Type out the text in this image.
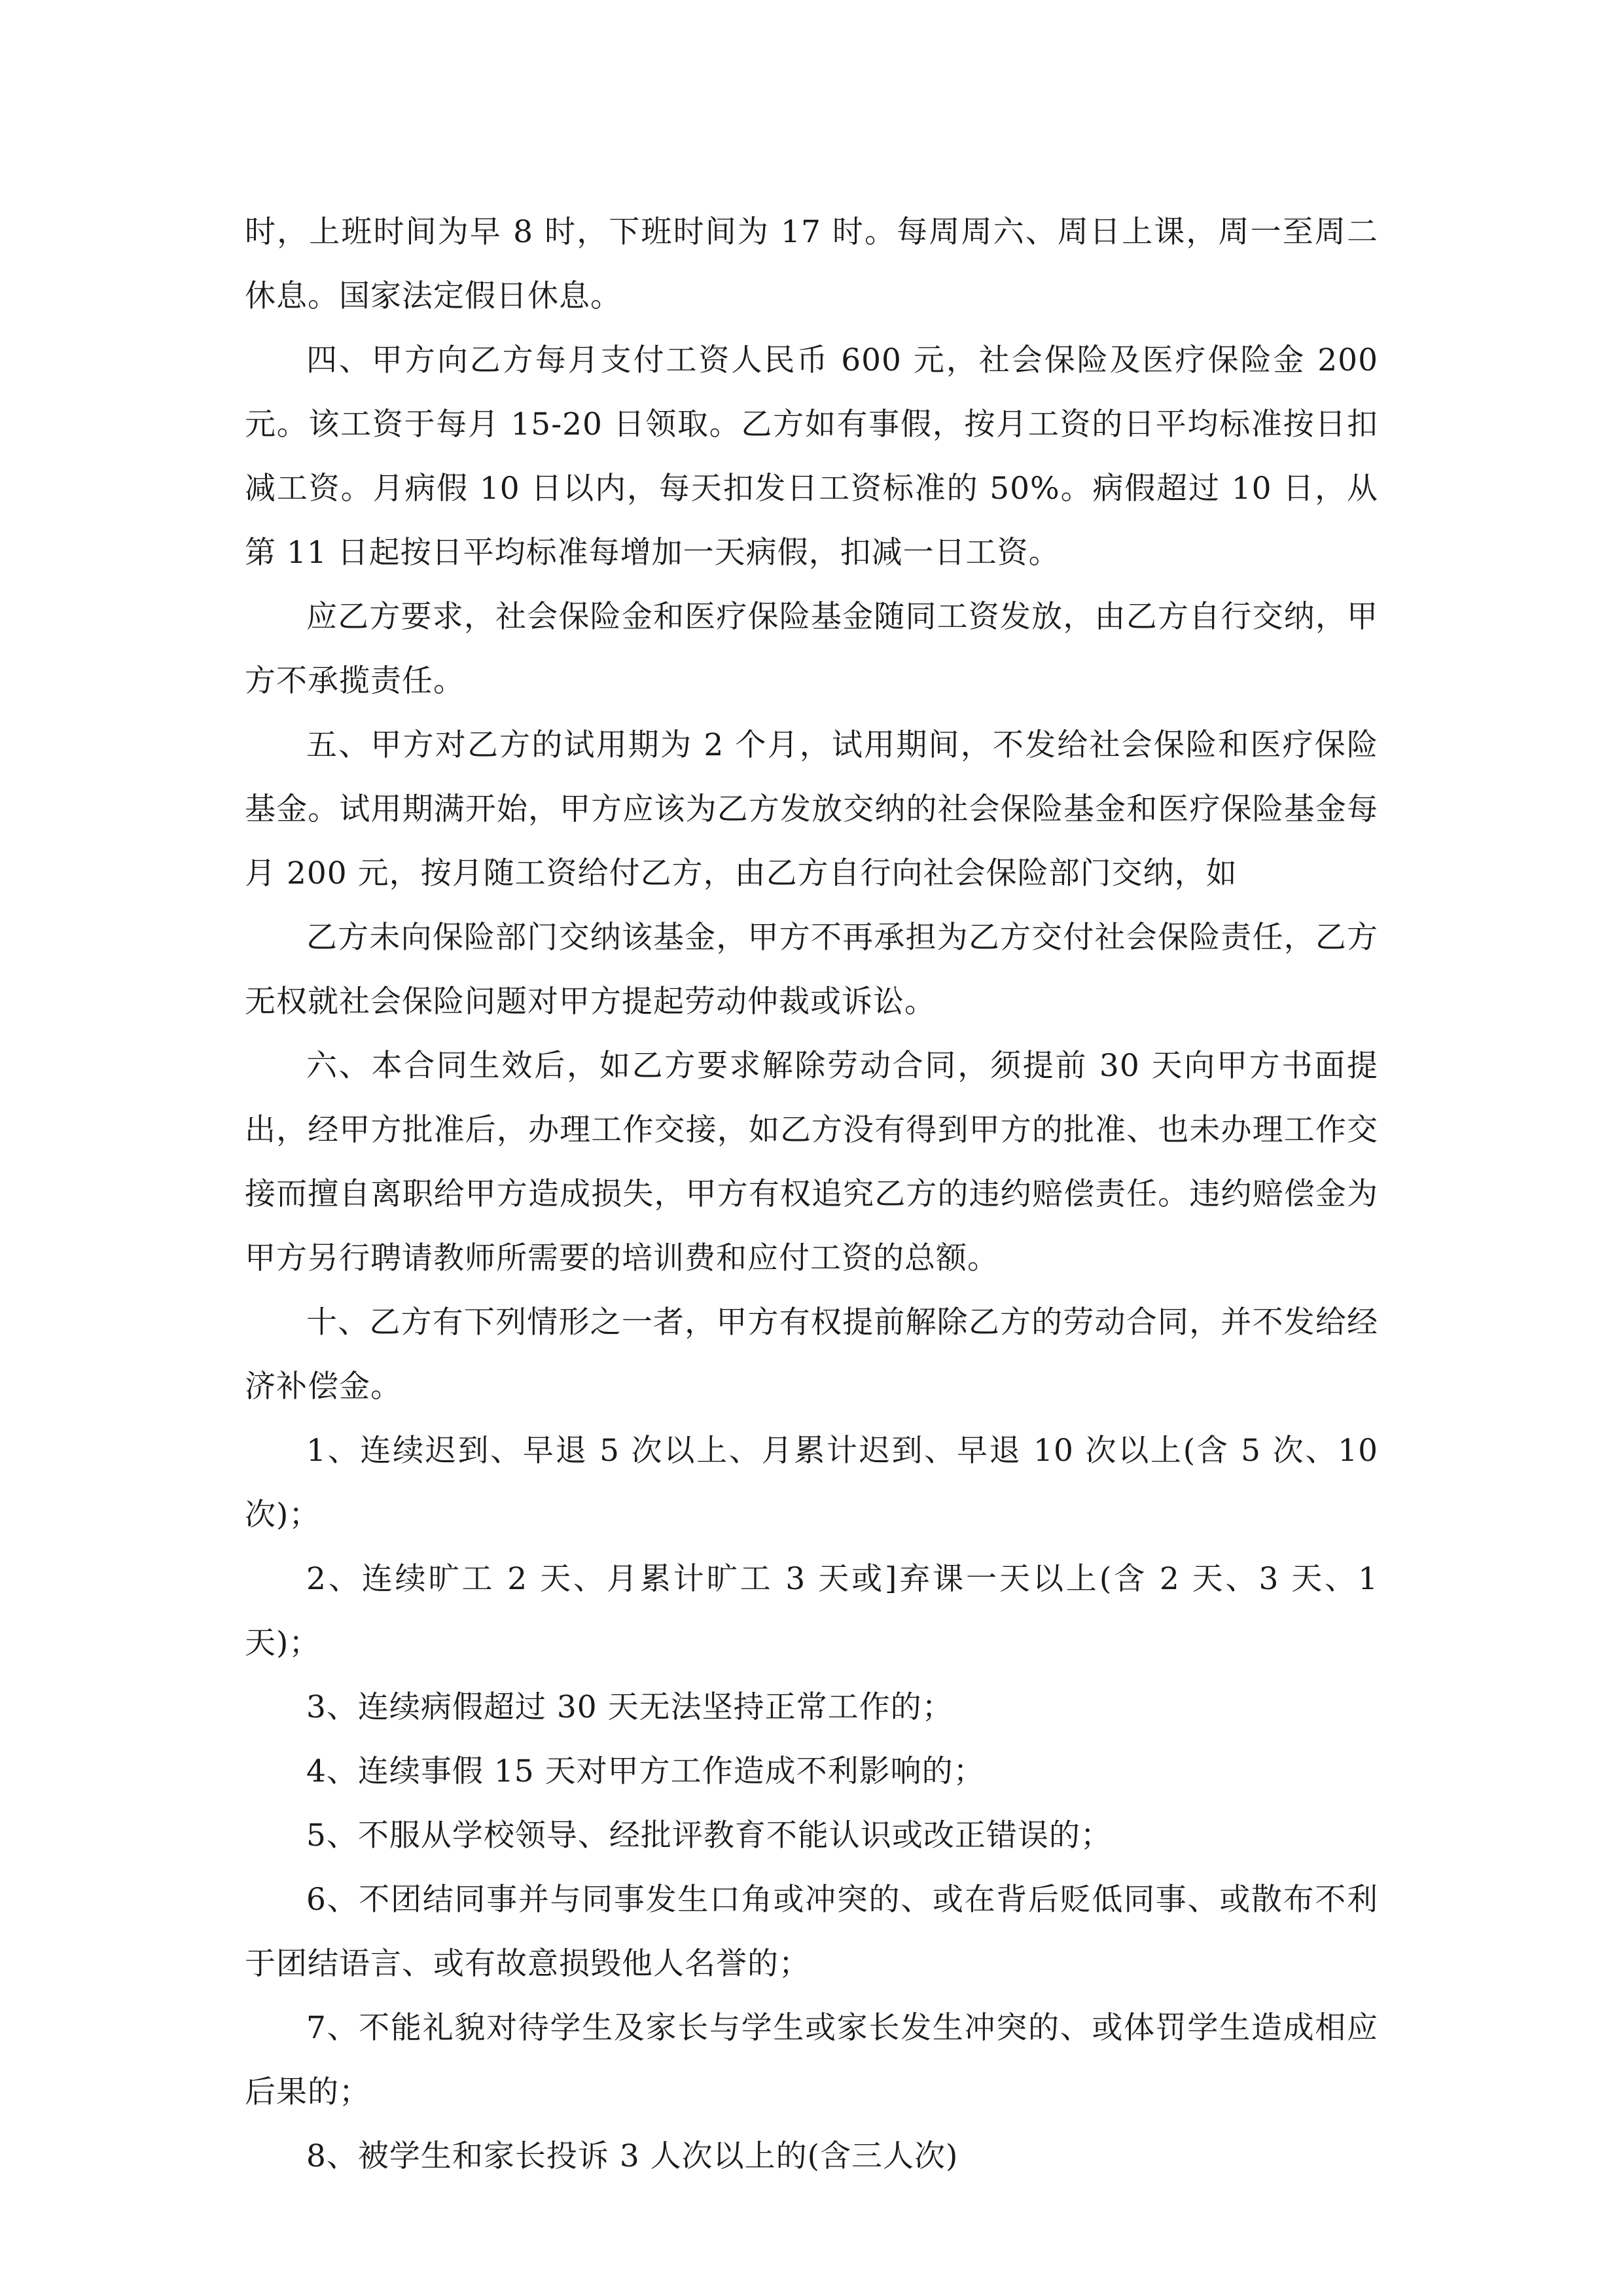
时，上班时间为早 8 时，下班时间为 17 时。每周周六、周日上课，周一至周二休息。国家法定假日休息。

四、甲方向乙方每月支付工资人民币 600 元，社会保险及医疗保险金 200 元。该工资于每月 15-20 日领取。乙方如有事假，按月工资的日平均标准按日扣减工资。月病假 10 日以内，每天扣发日工资标准的 50%。病假超过 10 日，从第 11 日起按日平均标准每增加一天病假，扣减一日工资。

应乙方要求，社会保险金和医疗保险基金随同工资发放，由乙方自行交纳，甲方不承揽责任。

五、甲方对乙方的试用期为 2 个月，试用期间，不发给社会保险和医疗保险基金。试用期满开始，甲方应该为乙方发放交纳的社会保险基金和医疗保险基金每月 200 元，按月随工资给付乙方，由乙方自行向社会保险部门交纳，如

乙方未向保险部门交纳该基金，甲方不再承担为乙方交付社会保险责任，乙方无权就社会保险问题对甲方提起劳动仲裁或诉讼。

六、本合同生效后，如乙方要求解除劳动合同，须提前 30 天向甲方书面提出，经甲方批准后，办理工作交接，如乙方没有得到甲方的批准、也未办理工作交接而擅自离职给甲方造成损失，甲方有权追究乙方的违约赔偿责任。违约赔偿金为甲方另行聘请教师所需要的培训费和应付工资的总额。

十、乙方有下列情形之一者，甲方有权提前解除乙方的劳动合同，并不发给经济补偿金。

1、连续迟到、早退 5 次以上、月累计迟到、早退 10 次以上(含 5 次、10 次)；

2、连续旷工 2 天、月累计旷工 3 天或]弃课一天以上(含 2 天、3 天、1 天)；

3、连续病假超过 30 天无法坚持正常工作的；

4、连续事假 15 天对甲方工作造成不利影响的；

5、不服从学校领导、经批评教育不能认识或改正错误的；

6、不团结同事并与同事发生口角或冲突的、或在背后贬低同事、或散布不利于团结语言、或有故意损毁他人名誉的；

7、不能礼貌对待学生及家长与学生或家长发生冲突的、或体罚学生造成相应后果的；

8、被学生和家长投诉 3 人次以上的(含三人次)
